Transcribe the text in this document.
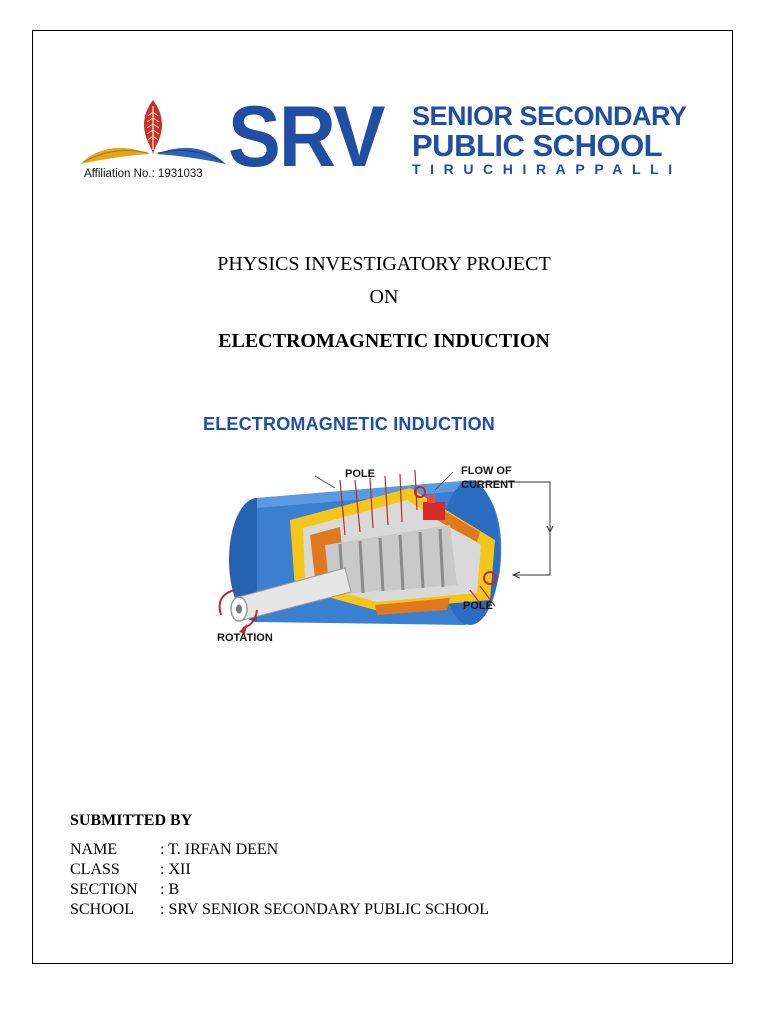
Affiliation No.: 1931033 SRV SENIOR SECONDARY
PUBLIC SCHOOL
TIRUCHIRAPPALLI
PHYSICS INVESTIGATORY PROJECT
ON
ELECTROMAGNETIC INDUCTION
ELECTROMAGNETIC INDUCTION
POLE	FLOW OF
CURRENT
POLE
ROTATION
SUBMITTED BY
NAME	: T. IRFAN DEEN
CLASS	: XII
SECTION	: B
SCHOOL	: SRV SENIOR SECONDARY PUBLIC SCHOOL
